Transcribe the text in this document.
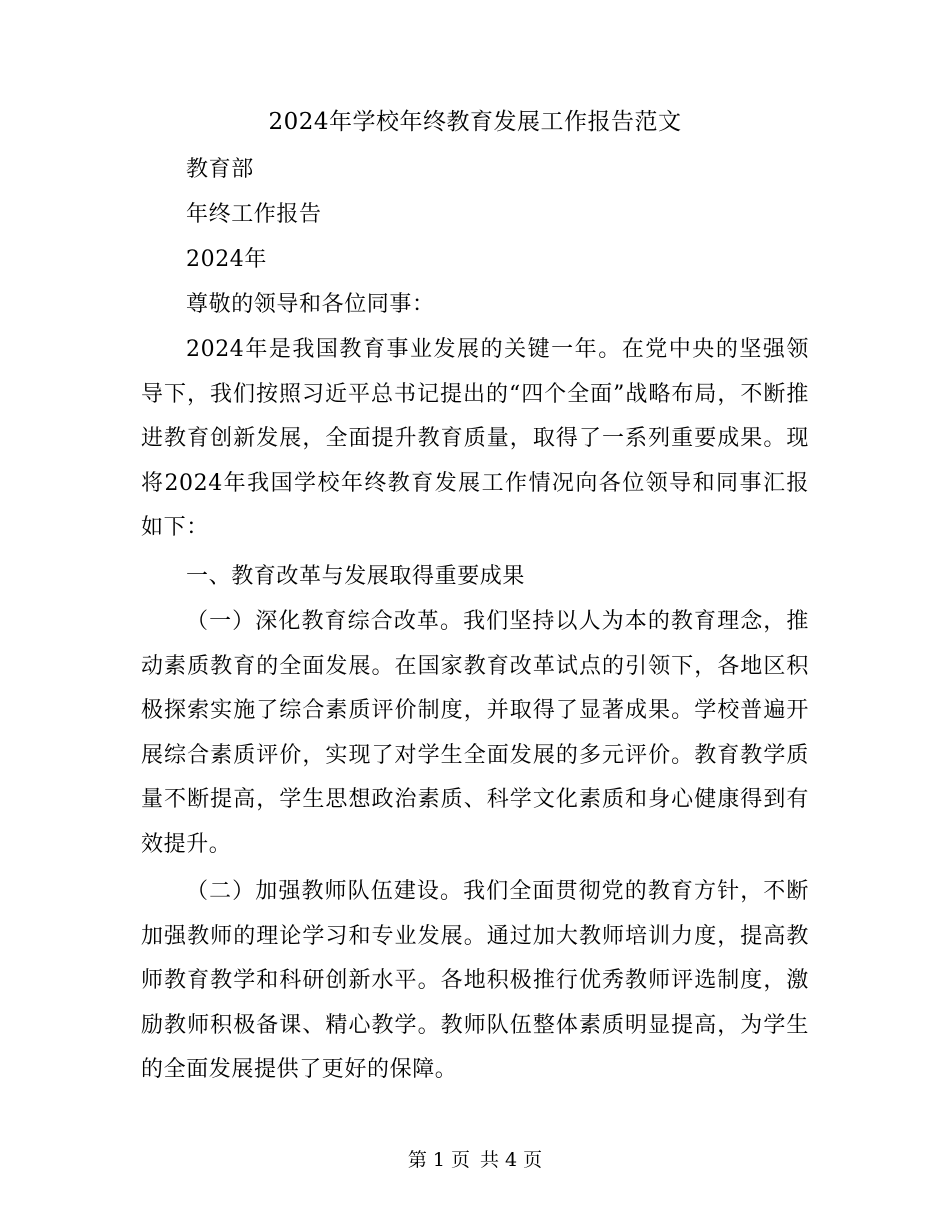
2024年学校年终教育发展工作报告范文

教育部

年终工作报告

2024年

尊敬的领导和各位同事：

2024年是我国教育事业发展的关键一年。在党中央的坚强领导下，我们按照习近平总书记提出的“四个全面”战略布局，不断推进教育创新发展，全面提升教育质量，取得了一系列重要成果。现将2024年我国学校年终教育发展工作情况向各位领导和同事汇报如下：

一、教育改革与发展取得重要成果

（一）深化教育综合改革。我们坚持以人为本的教育理念，推动素质教育的全面发展。在国家教育改革试点的引领下，各地区积极探索实施了综合素质评价制度，并取得了显著成果。学校普遍开展综合素质评价，实现了对学生全面发展的多元评价。教育教学质量不断提高，学生思想政治素质、科学文化素质和身心健康得到有效提升。

（二）加强教师队伍建设。我们全面贯彻党的教育方针，不断加强教师的理论学习和专业发展。通过加大教师培训力度，提高教师教育教学和科研创新水平。各地积极推行优秀教师评选制度，激励教师积极备课、精心教学。教师队伍整体素质明显提高，为学生的全面发展提供了更好的保障。

第 1 页 共 4 页
